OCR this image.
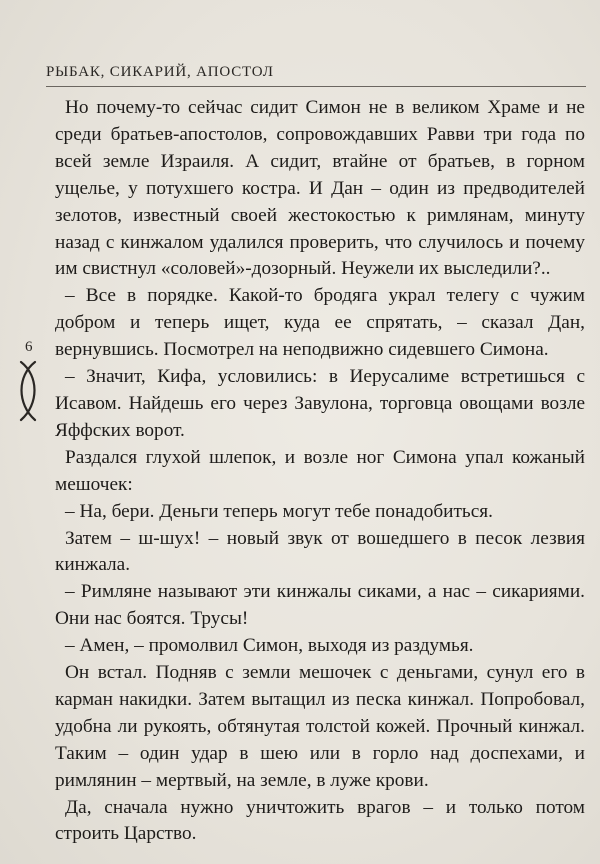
РЫБАК, СИКАРИЙ, АПОСТОЛ
6

Но почему-то сейчас сидит Симон не в великом Храме и не среди братьев-апостолов, сопровождавших Равви три года по всей земле Израиля. А сидит, втайне от братьев, в горном ущелье, у потухшего костра. И Дан – один из предводителей зелотов, известный своей жестокостью к римлянам, минуту назад с кинжалом удалился проверить, что случилось и почему им свистнул «соловей»-дозорный. Неужели их выследили?..

– Все в порядке. Какой-то бродяга украл телегу с чужим добром и теперь ищет, куда ее спрятать, – сказал Дан, вернувшись. Посмотрел на неподвижно сидевшего Симона.

– Значит, Кифа, условились: в Иерусалиме встретишься с Исавом. Найдешь его через Завулона, торговца овощами возле Яффских ворот.

Раздался глухой шлепок, и возле ног Симона упал кожаный мешочек:

– На, бери. Деньги теперь могут тебе понадобиться.

Затем – ш-шух! – новый звук от вошедшего в песок лезвия кинжала.

– Римляне называют эти кинжалы сиками, а нас – сикариями. Они нас боятся. Трусы!

– Амен, – промолвил Симон, выходя из раздумья.

Он встал. Подняв с земли мешочек с деньгами, сунул его в карман накидки. Затем вытащил из песка кинжал. Попробовал, удобна ли рукоять, обтянутая толстой кожей. Прочный кинжал. Таким – один удар в шею или в горло над доспехами, и римлянин – мертвый, на земле, в луже крови.

Да, сначала нужно уничтожить врагов – и только потом строить Царство.
